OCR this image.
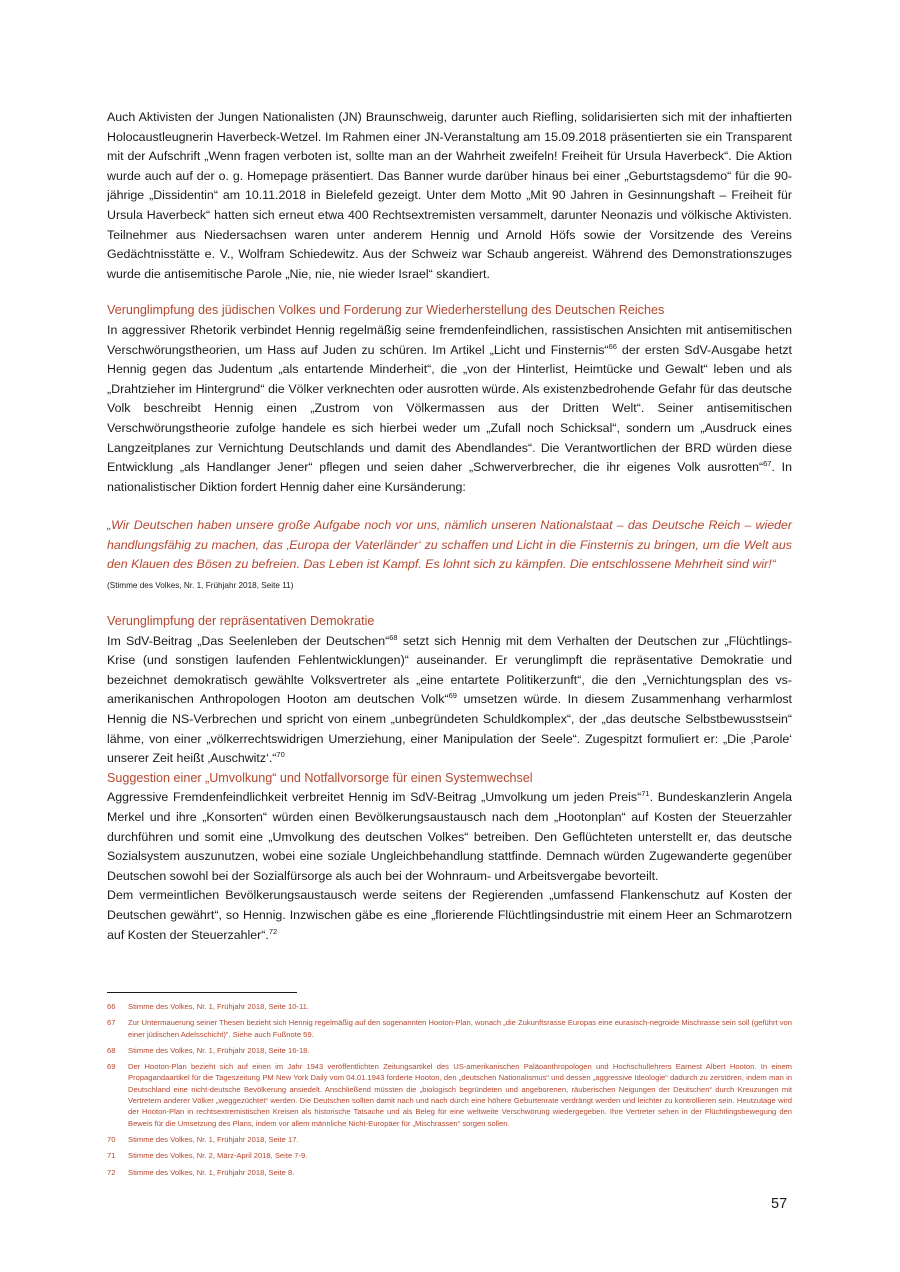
Auch Aktivisten der Jungen Nationalisten (JN) Braunschweig, darunter auch Riefling, solidarisierten sich mit der inhaftierten Holocaustleugnerin Haverbeck-Wetzel. Im Rahmen einer JN-Veranstaltung am 15.09.2018 präsentierten sie ein Transparent mit der Aufschrift „Wenn fragen verboten ist, sollte man an der Wahrheit zweifeln! Freiheit für Ursula Haverbeck“. Die Aktion wurde auch auf der o. g. Homepage präsentiert. Das Banner wurde darüber hinaus bei einer „Geburtstagsdemo“ für die 90-jährige „Dissidentin“ am 10.11.2018 in Bielefeld gezeigt. Unter dem Motto „Mit 90 Jahren in Gesinnungshaft – Freiheit für Ursula Haverbeck“ hatten sich erneut etwa 400 Rechtsextremisten versammelt, darunter Neonazis und völkische Aktivisten. Teilnehmer aus Niedersachsen waren unter anderem Hennig und Arnold Höfs sowie der Vorsitzende des Vereins Gedächtnisstätte e. V., Wolfram Schiedewitz. Aus der Schweiz war Schaub angereist. Während des Demonstrationszuges wurde die antisemitische Parole „Nie, nie, nie wieder Israel“ skandiert.

Verunglimpfung des jüdischen Volkes und Forderung zur Wiederherstellung des Deutschen Reiches

In aggressiver Rhetorik verbindet Hennig regelmäßig seine fremdenfeindlichen, rassistischen Ansichten mit antisemitischen Verschwörungstheorien, um Hass auf Juden zu schüren. Im Artikel „Licht und Finsternis“$^{66}$ der ersten SdV-Ausgabe hetzt Hennig gegen das Judentum „als entartende Minderheit“, die „von der Hinterlist, Heimtücke und Gewalt“ leben und als „Drahtzieher im Hintergrund“ die Völker verknechten oder ausrotten würde. Als existenzbedrohende Gefahr für das deutsche Volk beschreibt Hennig einen „Zustrom von Völkermassen aus der Dritten Welt“. Seiner antisemitischen Verschwörungstheorie zufolge handele es sich hierbei weder um „Zufall noch Schicksal“, sondern um „Ausdruck eines Langzeitplanes zur Vernichtung Deutschlands und damit des Abendlandes“. Die Verantwortlichen der BRD würden diese Entwicklung „als Handlanger Jener“ pflegen und seien daher „Schwerverbrecher, die ihr eigenes Volk ausrotten“$^{67}$. In nationalistischer Diktion fordert Hennig daher eine Kursänderung:

„Wir Deutschen haben unsere große Aufgabe noch vor uns, nämlich unseren Nationalstaat – das Deutsche Reich – wieder handlungsfähig zu machen, das ‚Europa der Vaterländer‘ zu schaffen und Licht in die Finsternis zu bringen, um die Welt aus den Klauen des Bösen zu befreien. Das Leben ist Kampf. Es lohnt sich zu kämpfen. Die entschlossene Mehrheit sind wir!“

(Stimme des Volkes, Nr. 1, Frühjahr 2018, Seite 11)

Verunglimpfung der repräsentativen Demokratie

Im SdV-Beitrag „Das Seelenleben der Deutschen“$^{68}$ setzt sich Hennig mit dem Verhalten der Deutschen zur „Flüchtlings-Krise (und sonstigen laufenden Fehlentwicklungen)“ auseinander. Er verunglimpft die repräsentative Demokratie und bezeichnet demokratisch gewählte Volksvertreter als „eine entartete Politikerzunft“, die den „Vernichtungsplan des vs-amerikanischen Anthropologen Hooton am deutschen Volk“$^{69}$ umsetzen würde. In diesem Zusammenhang verharmlost Hennig die NS-Verbrechen und spricht von einem „unbegründeten Schuldkomplex“, der „das deutsche Selbstbewusstsein“ lähme, von einer „völkerrechtswidrigen Umerziehung, einer Manipulation der Seele“. Zugespitzt formuliert er: „Die ‚Parole‘ unserer Zeit heißt ‚Auschwitz‘.“$^{70}$

Suggestion einer „Umvolkung“ und Notfallvorsorge für einen Systemwechsel

Aggressive Fremdenfeindlichkeit verbreitet Hennig im SdV-Beitrag „Umvolkung um jeden Preis“$^{71}$. Bundeskanzlerin Angela Merkel und ihre „Konsorten“ würden einen Bevölkerungsaustausch nach dem „Hootonplan“ auf Kosten der Steuerzahler durchführen und somit eine „Umvolkung des deutschen Volkes“ betreiben. Den Geflüchteten unterstellt er, das deutsche Sozialsystem auszunutzen, wobei eine soziale Ungleichbehandlung stattfinde. Demnach würden Zugewanderte gegenüber Deutschen sowohl bei der Sozialfürsorge als auch bei der Wohnraum- und Arbeitsvergabe bevorteilt.

Dem vermeintlichen Bevölkerungsaustausch werde seitens der Regierenden „umfassend Flankenschutz auf Kosten der Deutschen gewährt“, so Hennig. Inzwischen gäbe es eine „florierende Flüchtlingsindustrie mit einem Heer an Schmarotzern auf Kosten der Steuerzahler“.$^{72}$

66	Stimme des Volkes, Nr. 1, Frühjahr 2018, Seite 10-11.
67	Zur Untermauerung seiner Thesen bezieht sich Hennig regelmäßig auf den sogenannten Hooton-Plan, wonach „die Zukunftsrasse Europas eine eurasisch-negroide Mischrasse sein soll (geführt von einer jüdischen Adelsschicht)“. Siehe auch Fußnote 59.
68	Stimme des Volkes, Nr. 1, Frühjahr 2018, Seite 16-18.
69	Der Hooton-Plan bezieht sich auf einen im Jahr 1943 veröffentlichten Zeitungsartikel des US-amerikanischen Paläoanthropologen und Hochschullehrers Earnest Albert Hooton. In einem Propagandaartikel für die Tageszeitung PM New York Daily vom 04.01.1943 forderte Hooton, den „deutschen Nationalismus“ und dessen „aggressive Ideologie“ dadurch zu zerstören, indem man in Deutschland eine nicht-deutsche Bevölkerung ansiedelt. Anschließend müssten die „biologisch begründeten und angeborenen, räuberischen Neigungen der Deutschen“ durch Kreuzungen mit Vertretern anderer Völker „weggezüchtet“ werden. Die Deutschen sollten damit nach und nach durch eine höhere Geburtenrate verdrängt werden und leichter zu kontrollieren sein. Heutzutage wird der Hooton-Plan in rechtsextremistischen Kreisen als historische Tatsache und als Beleg für eine weltweite Verschwörung wiedergegeben. Ihre Vertreter sehen in der Flüchtlingsbewegung den Beweis für die Umsetzung des Plans, indem vor allem männliche Nicht-Europäer für „Mischrassen“ sorgen sollen.
70	Stimme des Volkes, Nr. 1, Frühjahr 2018, Seite 17.
71	Stimme des Volkes, Nr. 2, März-April 2018, Seite 7-9.
72	Stimme des Volkes, Nr. 1, Frühjahr 2018, Seite 8.
57
